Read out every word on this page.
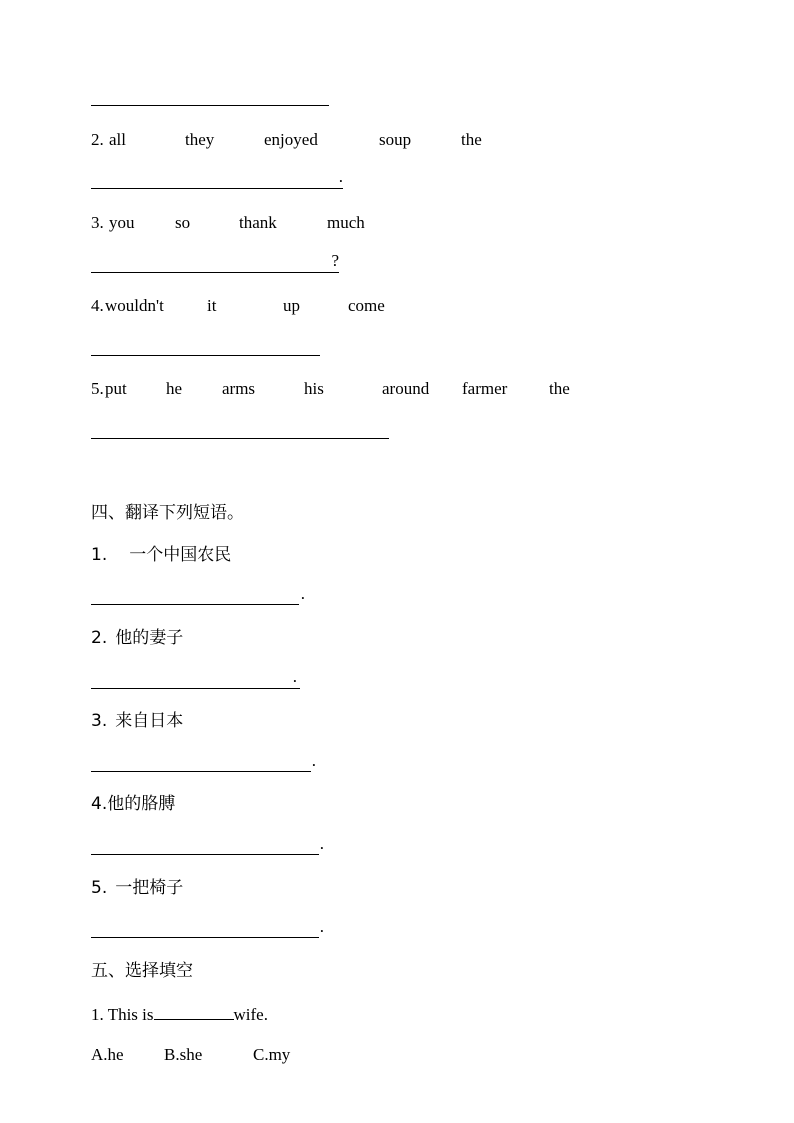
2. all	they	enjoyed	soup	the
.
3. you so	thank	much
?
4. wouldn't	it	up	come
5. put he arms	his	around farmer the
四、翻译下列短语。
1. 一个中国农民
.
2. 他的妻子
.
3. 来自日本
.
4.他的胳膊
.
5. 一把椅子
.
五、选择填空
1. This is	wife.
A.he B.she	C.my
